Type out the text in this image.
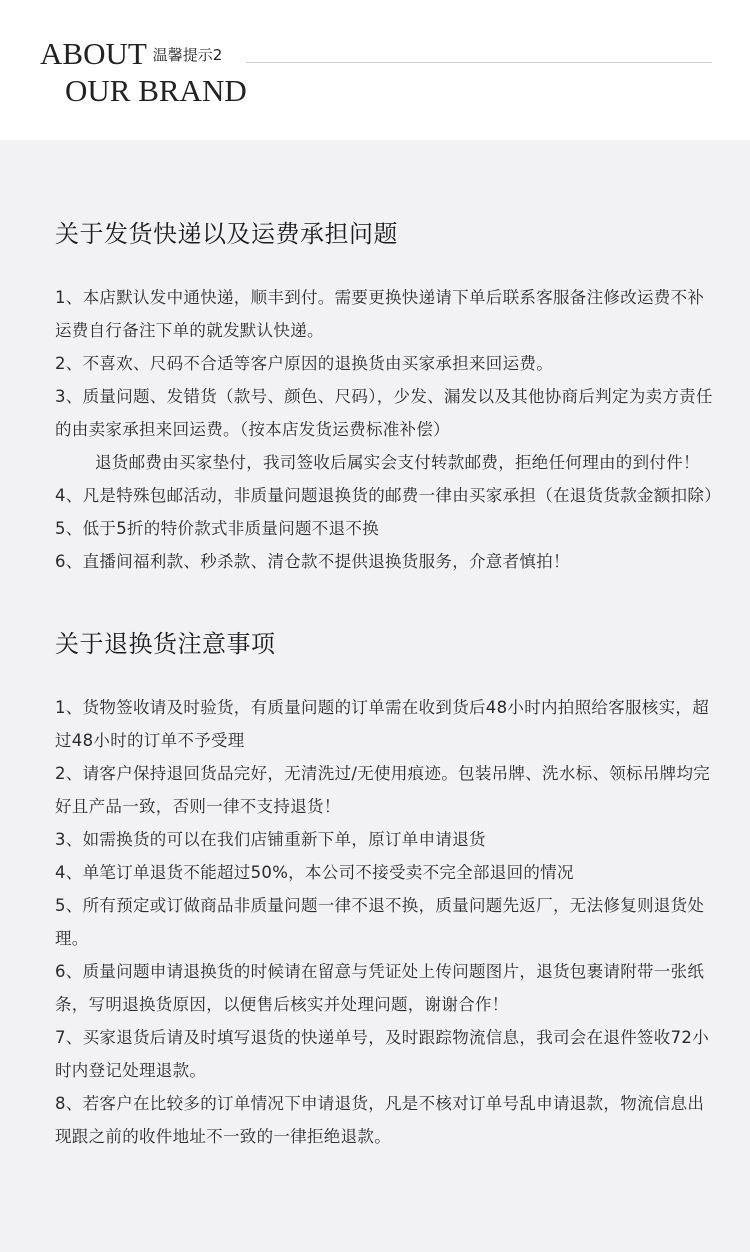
ABOUT 温馨提示2
OUR BRAND
关于发货快递以及运费承担问题
1、本店默认发中通快递，顺丰到付。需要更换快递请下单后联系客服备注修改运费不补运费自行备注下单的就发默认快递。
2、不喜欢、尺码不合适等客户原因的退换货由买家承担来回运费。
3、质量问题、发错货（款号、颜色、尺码），少发、漏发以及其他协商后判定为卖方责任的由卖家承担来回运费。（按本店发货运费标准补偿）
退货邮费由买家垫付，我司签收后属实会支付转款邮费，拒绝任何理由的到付件！
4、凡是特殊包邮活动，非质量问题退换货的邮费一律由买家承担（在退货货款金额扣除）
5、低于5折的特价款式非质量问题不退不换
6、直播间福利款、秒杀款、清仓款不提供退换货服务，介意者慎拍！
关于退换货注意事项
1、货物签收请及时验货，有质量问题的订单需在收到货后48小时内拍照给客服核实，超过48小时的订单不予受理
2、请客户保持退回货品完好，无清洗过/无使用痕迹。包装吊牌、洗水标、领标吊牌均完好且产品一致，否则一律不支持退货！
3、如需换货的可以在我们店铺重新下单，原订单申请退货
4、单笔订单退货不能超过50%，本公司不接受卖不完全部退回的情况
5、所有预定或订做商品非质量问题一律不退不换，质量问题先返厂，无法修复则退货处理。
6、质量问题申请退换货的时候请在留意与凭证处上传问题图片，退货包裹请附带一张纸条，写明退换货原因，以便售后核实并处理问题，谢谢合作！
7、买家退货后请及时填写退货的快递单号，及时跟踪物流信息，我司会在退件签收72小时内登记处理退款。
8、若客户在比较多的订单情况下申请退货，凡是不核对订单号乱申请退款，物流信息出现跟之前的收件地址不一致的一律拒绝退款。
